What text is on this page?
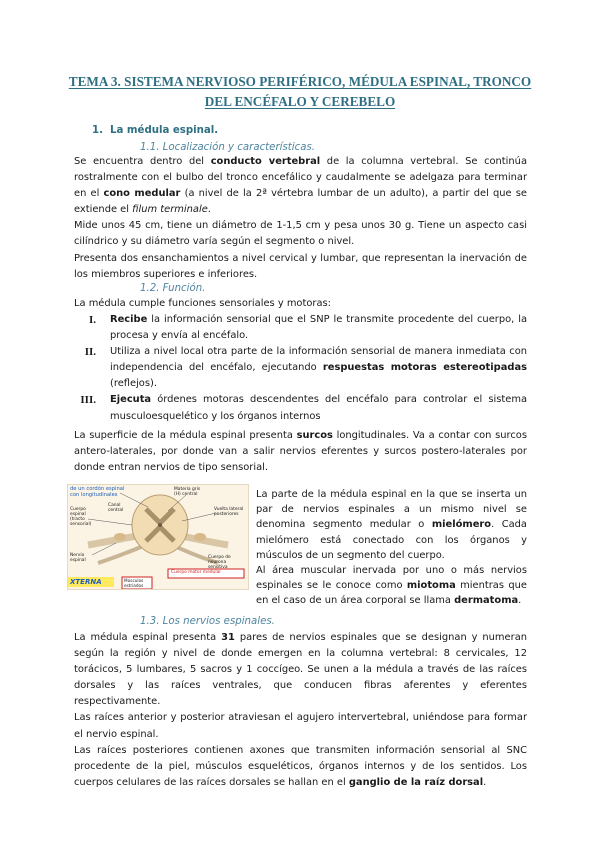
TEMA 3. SISTEMA NERVIOSO PERIFÉRICO, MÉDULA ESPINAL, TRONCO
DEL ENCÉFALO Y CEREBELO
1. La médula espinal.
1.1. Localización y características.

Se encuentra dentro del conducto vertebral de la columna vertebral. Se continúa rostralmente con el bulbo del tronco encefálico y caudalmente se adelgaza para terminar en el cono medular (a nivel de la 2ª vértebra lumbar de un adulto), a partir del que se extiende el filum terminale.

Mide unos 45 cm, tiene un diámetro de 1-1,5 cm y pesa unos 30 g. Tiene un aspecto casi cilíndrico y su diámetro varía según el segmento o nivel.

Presenta dos ensanchamientos a nivel cervical y lumbar, que representan la inervación de los miembros superiores e inferiores.

1.2. Función.
La médula cumple funciones sensoriales y motoras:
I. Recibe la información sensorial que el SNP le transmite procedente del cuerpo, la procesa y envía al encéfalo.
II. Utiliza a nivel local otra parte de la información sensorial de manera inmediata con independencia del encéfalo, ejecutando respuestas motoras estereotipadas (reflejos).
III. Ejecuta órdenes motoras descendentes del encéfalo para controlar el sistema musculoesquelético y los órganos internos
La superficie de la médula espinal presenta surcos longitudinales. Va a contar con surcos antero-laterales, por donde van a salir nervios eferentes y surcos postero-laterales por donde entran nervios de tipo sensorial.
de un cordón espinal con longitudinales
Materia gris (H) central
Canal central
Cuerpo espinal (tracto sensorial)
Vuelta lateral posteriores
Nervio espinal
Cuerpo de neurona sensitiva
Cuerpo motor medular
XTERNA	Músculos estriados

La parte de la médula espinal en la que se inserta un par de nervios espinales a un mismo nivel se denomina segmento medular o mielómero. Cada mielómero está conectado con los órganos y músculos de un segmento del cuerpo.

Al área muscular inervada por uno o más nervios espinales se le conoce como miotoma mientras que en el caso de un área corporal se llama dermatoma.

1.3. Los nervios espinales.

La médula espinal presenta 31 pares de nervios espinales que se designan y numeran según la región y nivel de donde emergen en la columna vertebral: 8 cervicales, 12 torácicos, 5 lumbares, 5 sacros y 1 coccígeo. Se unen a la médula a través de las raíces dorsales y las raíces ventrales, que conducen fibras aferentes y eferentes respectivamente.

Las raíces anterior y posterior atraviesan el agujero intervertebral, uniéndose para formar el nervio espinal.

Las raíces posteriores contienen axones que transmiten información sensorial al SNC procedente de la piel, músculos esqueléticos, órganos internos y de los sentidos. Los cuerpos celulares de las raíces dorsales se hallan en el ganglio de la raíz dorsal.
